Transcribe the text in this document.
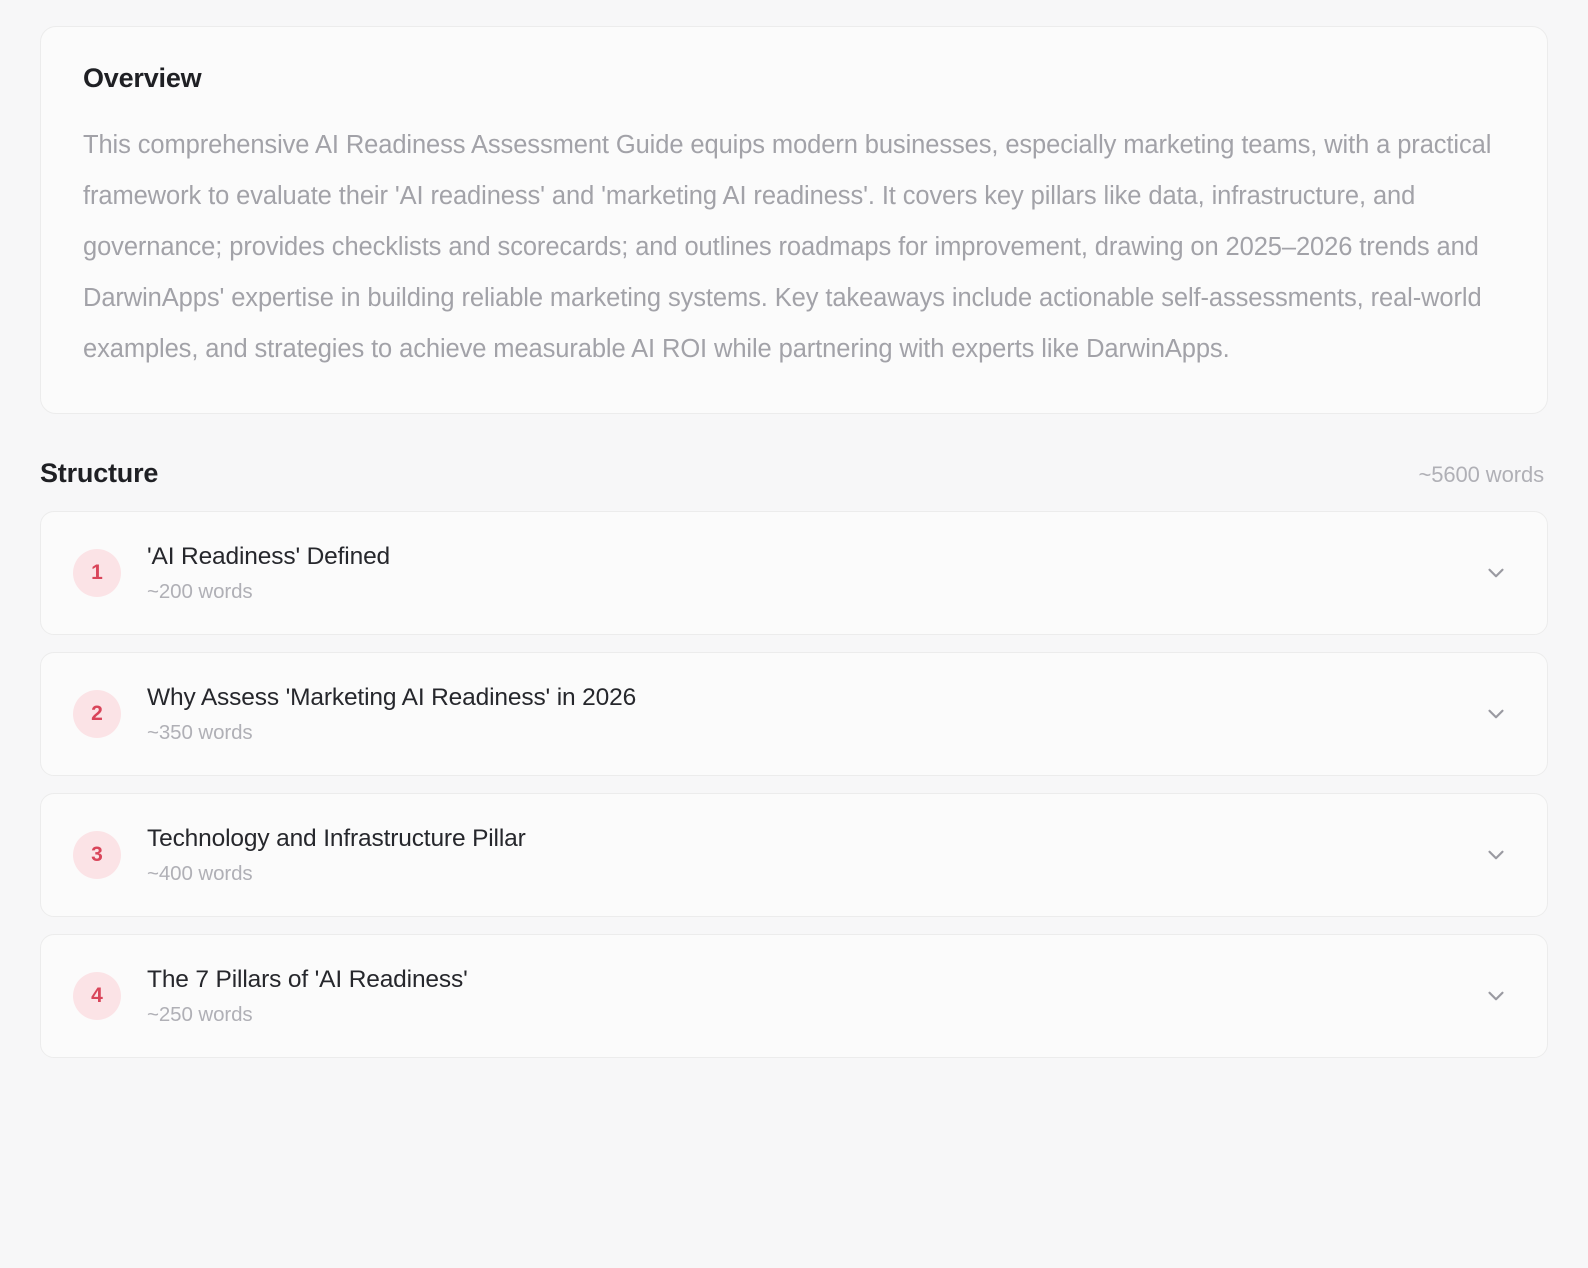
Overview

This comprehensive AI Readiness Assessment Guide equips modern businesses, especially marketing teams, with a practical framework to evaluate their 'AI readiness' and 'marketing AI readiness'. It covers key pillars like data, infrastructure, and governance; provides checklists and scorecards; and outlines roadmaps for improvement, drawing on 2025–2026 trends and DarwinApps' expertise in building reliable marketing systems. Key takeaways include actionable self-assessments, real-world examples, and strategies to achieve measurable AI ROI while partnering with experts like DarwinApps.

Structure	~5600 words
1
'AI Readiness' Defined
~200 words
2
Why Assess 'Marketing AI Readiness' in 2026
~350 words
3
Technology and Infrastructure Pillar
~400 words
4
The 7 Pillars of 'AI Readiness'
~250 words
